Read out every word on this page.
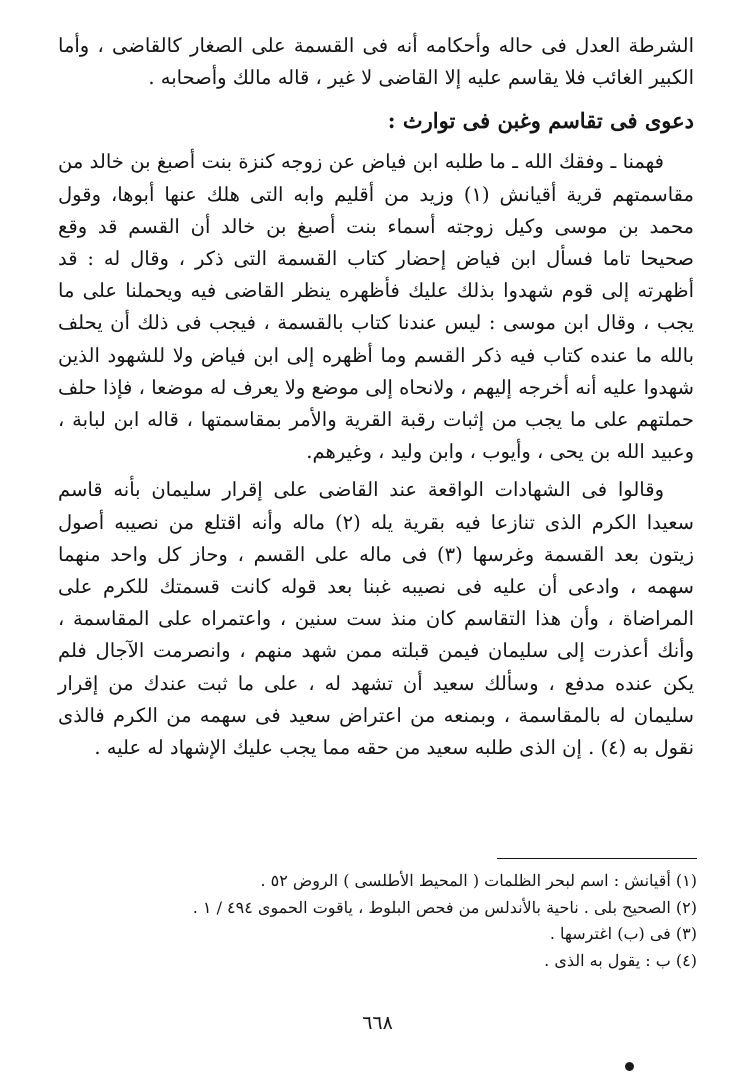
الشرطة العدل فى حاله وأحكامه أنه فى القسمة على الصغار كالقاضى ، وأما الكبير الغائب فلا يقاسم عليه إلا القاضى لا غير ، قاله مالك وأصحابه .

دعوى فى تقاسم وغبن فى توارث :

فهمنا ـ وفقك الله ـ ما طلبه ابن فياض عن زوجه كنزة بنت أصبغ بن خالد من مقاسمتهم قرية أقيانش (١) وزيد من أقليم وابه التى هلك عنها أبوها، وقول محمد بن موسى وكيل زوجته أسماء بنت أصبغ بن خالد أن القسم قد وقع صحيحا تاما فسأل ابن فياض إحضار كتاب القسمة التى ذكر ، وقال له : قد أظهرته إلى قوم شهدوا بذلك عليك فأظهره ينظر القاضى فيه ويحملنا على ما يجب ، وقال ابن موسى : ليس عندنا كتاب بالقسمة ، فيجب فى ذلك أن يحلف بالله ما عنده كتاب فيه ذكر القسم وما أظهره إلى ابن فياض ولا للشهود الذين شهدوا عليه أنه أخرجه إليهم ، ولانحاه إلى موضع ولا يعرف له موضعا ، فإذا حلف حملتهم على ما يجب من إثبات رقبة القرية والأمر بمقاسمتها ، قاله ابن لبابة ، وعبيد الله بن يحى ، وأيوب ، وابن وليد ، وغيرهم.

وقالوا فى الشهادات الواقعة عند القاضى على إقرار سليمان بأنه قاسم سعيدا الكرم الذى تنازعا فيه بقرية يله (٢) ماله وأنه اقتلع من نصيبه أصول زيتون بعد القسمة وغرسها (٣) فى ماله على القسم ، وحاز كل واحد منهما سهمه ، وادعى أن عليه فى نصيبه غبنا بعد قوله كانت قسمتك للكرم على المراضاة ، وأن هذا التقاسم كان منذ ست سنين ، واعتمراه على المقاسمة ، وأنك أعذرت إلى سليمان فيمن قبلته ممن شهد منهم ، وانصرمت الآجال فلم يكن عنده مدفع ، وسألك سعيد أن تشهد له ، على ما ثبت عندك من إقرار سليمان له بالمقاسمة ، وبمنعه من اعتراض سعيد فى سهمه من الكرم فالذى نقول به (٤) . إن الذى طلبه سعيد من حقه مما يجب عليك الإشهاد له عليه .

(١) أقيانش : اسم لبحر الظلمات ( المحيط الأطلسى ) الروض ٥٢ .

(٢) الصحيح بلى . ناحية بالأندلس من فحص البلوط ، ياقوت الحموى ٤٩٤ / ١ .

(٣) فى (ب) اغترسها .

(٤) ب : يقول به الذى .

٦٦٨
